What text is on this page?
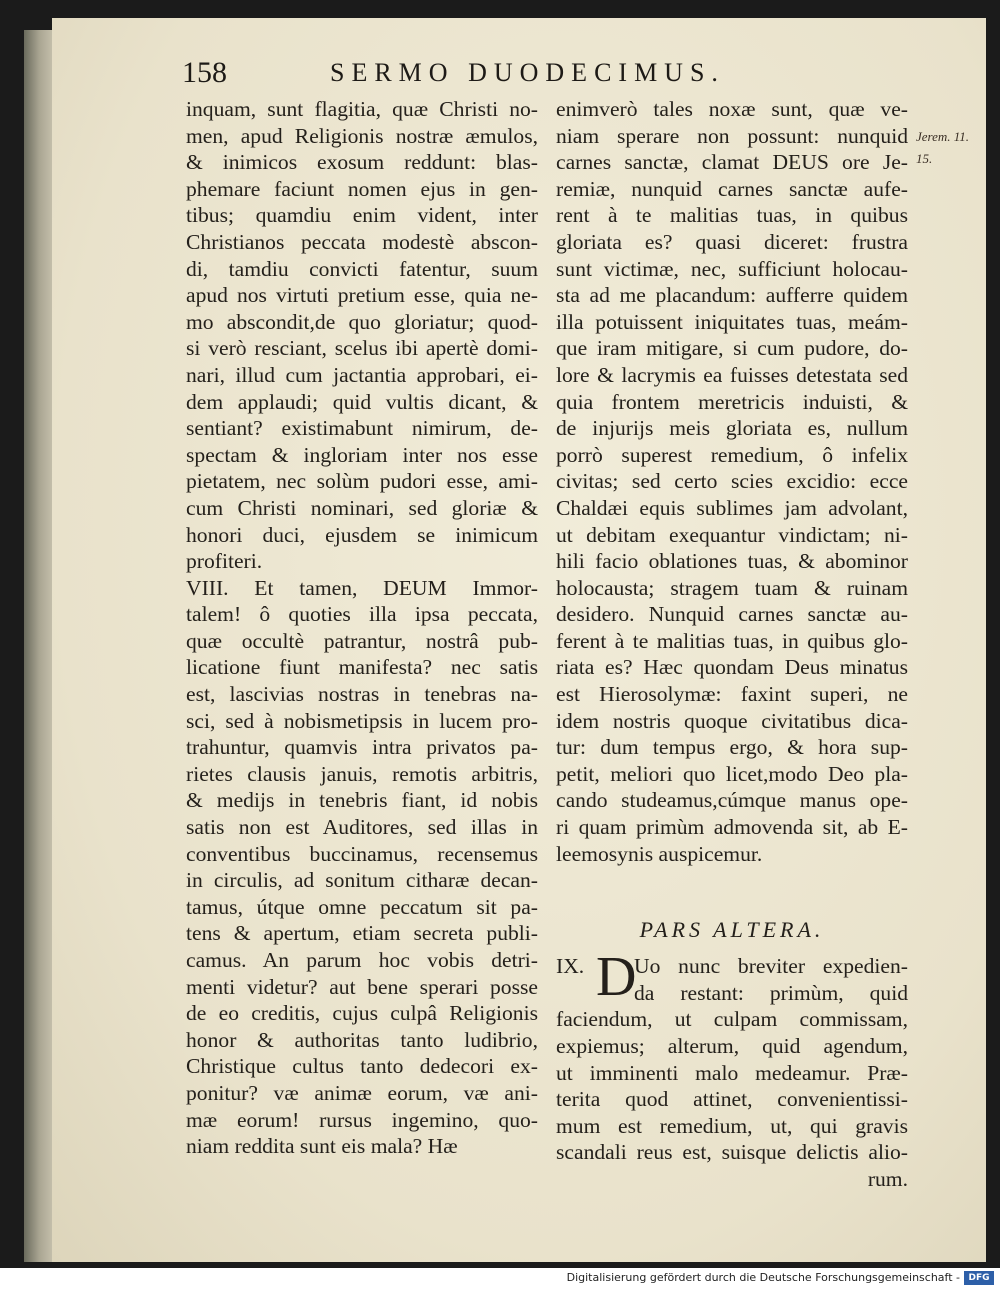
158	SERMO DUODECIMUS.
Jerem. 11.
15.
inquam, sunt flagitia, quæ Christi no-
men, apud Religionis nostræ æmulos,
& inimicos exosum reddunt: blas-
phemare faciunt nomen ejus in gen-
tibus; quamdiu enim vident, inter
Christianos peccata modestè abscon-
di, tamdiu convicti fatentur, suum
apud nos virtuti pretium esse, quia ne-
mo abscondit,de quo gloriatur; quod-
si verò resciant, scelus ibi apertè domi-
nari, illud cum jactantia approbari, ei-
dem applaudi; quid vultis dicant, &
sentiant? existimabunt nimirum, de-
spectam & ingloriam inter nos esse
pietatem, nec solùm pudori esse, ami-
cum Christi nominari, sed gloriæ &
honori duci, ejusdem se inimicum
profiteri.
VIII. Et tamen, DEUM Immor-
talem! ô quoties illa ipsa peccata,
quæ occultè patrantur, nostrâ pub-
licatione fiunt manifesta? nec satis
est, lascivias nostras in tenebras na-
sci, sed à nobismetipsis in lucem pro-
trahuntur, quamvis intra privatos pa-
rietes clausis januis, remotis arbitris,
& medijs in tenebris fiant, id nobis
satis non est Auditores, sed illas in
conventibus buccinamus, recensemus
in circulis, ad sonitum citharæ decan-
tamus, útque omne peccatum sit pa-
tens & apertum, etiam secreta publi-
camus. An parum hoc vobis detri-
menti videtur? aut bene sperari posse
de eo creditis, cujus culpâ Religionis
honor & authoritas tanto ludibrio,
Christique cultus tanto dedecori ex-
ponitur? væ animæ eorum, væ ani-
mæ eorum! rursus ingemino, quo-
niam reddita sunt eis mala? Hæ
enimverò tales noxæ sunt, quæ ve-
niam sperare non possunt: nunquid
carnes sanctæ, clamat DEUS ore Je-
remiæ, nunquid carnes sanctæ aufe-
rent à te malitias tuas, in quibus
gloriata es? quasi diceret: frustra
sunt victimæ, nec, sufficiunt holocau-
sta ad me placandum: aufferre quidem
illa potuissent iniquitates tuas, meám-
que iram mitigare, si cum pudore, do-
lore & lacrymis ea fuisses detestata sed
quia frontem meretricis induisti, &
de injurijs meis gloriata es, nullum
porrò superest remedium, ô infelix
civitas; sed certo scies excidio: ecce
Chaldæi equis sublimes jam advolant,
ut debitam exequantur vindictam; ni-
hili facio oblationes tuas, & abominor
holocausta; stragem tuam & ruinam
desidero. Nunquid carnes sanctæ au-
ferent à te malitias tuas, in quibus glo-
riata es? Hæc quondam Deus minatus
est Hierosolymæ: faxint superi, ne
idem nostris quoque civitatibus dica-
tur: dum tempus ergo, & hora sup-
petit, meliori quo licet,modo Deo pla-
cando studeamus,cúmque manus ope-
ri quam primùm admovenda sit, ab E-
leemosynis auspicemur.
PARS ALTERA.
IX. D
Uo nunc breviter expedien-
da restant: primùm, quid
faciendum, ut culpam commissam,
expiemus; alterum, quid agendum,
ut imminenti malo medeamur. Præ-
terita quod attinet, convenientissi-
mum est remedium, ut, qui gravis
scandali reus est, suisque delictis alio-
rum.
Digitalisierung gefördert durch die Deutsche Forschungsgemeinschaft - DFG
